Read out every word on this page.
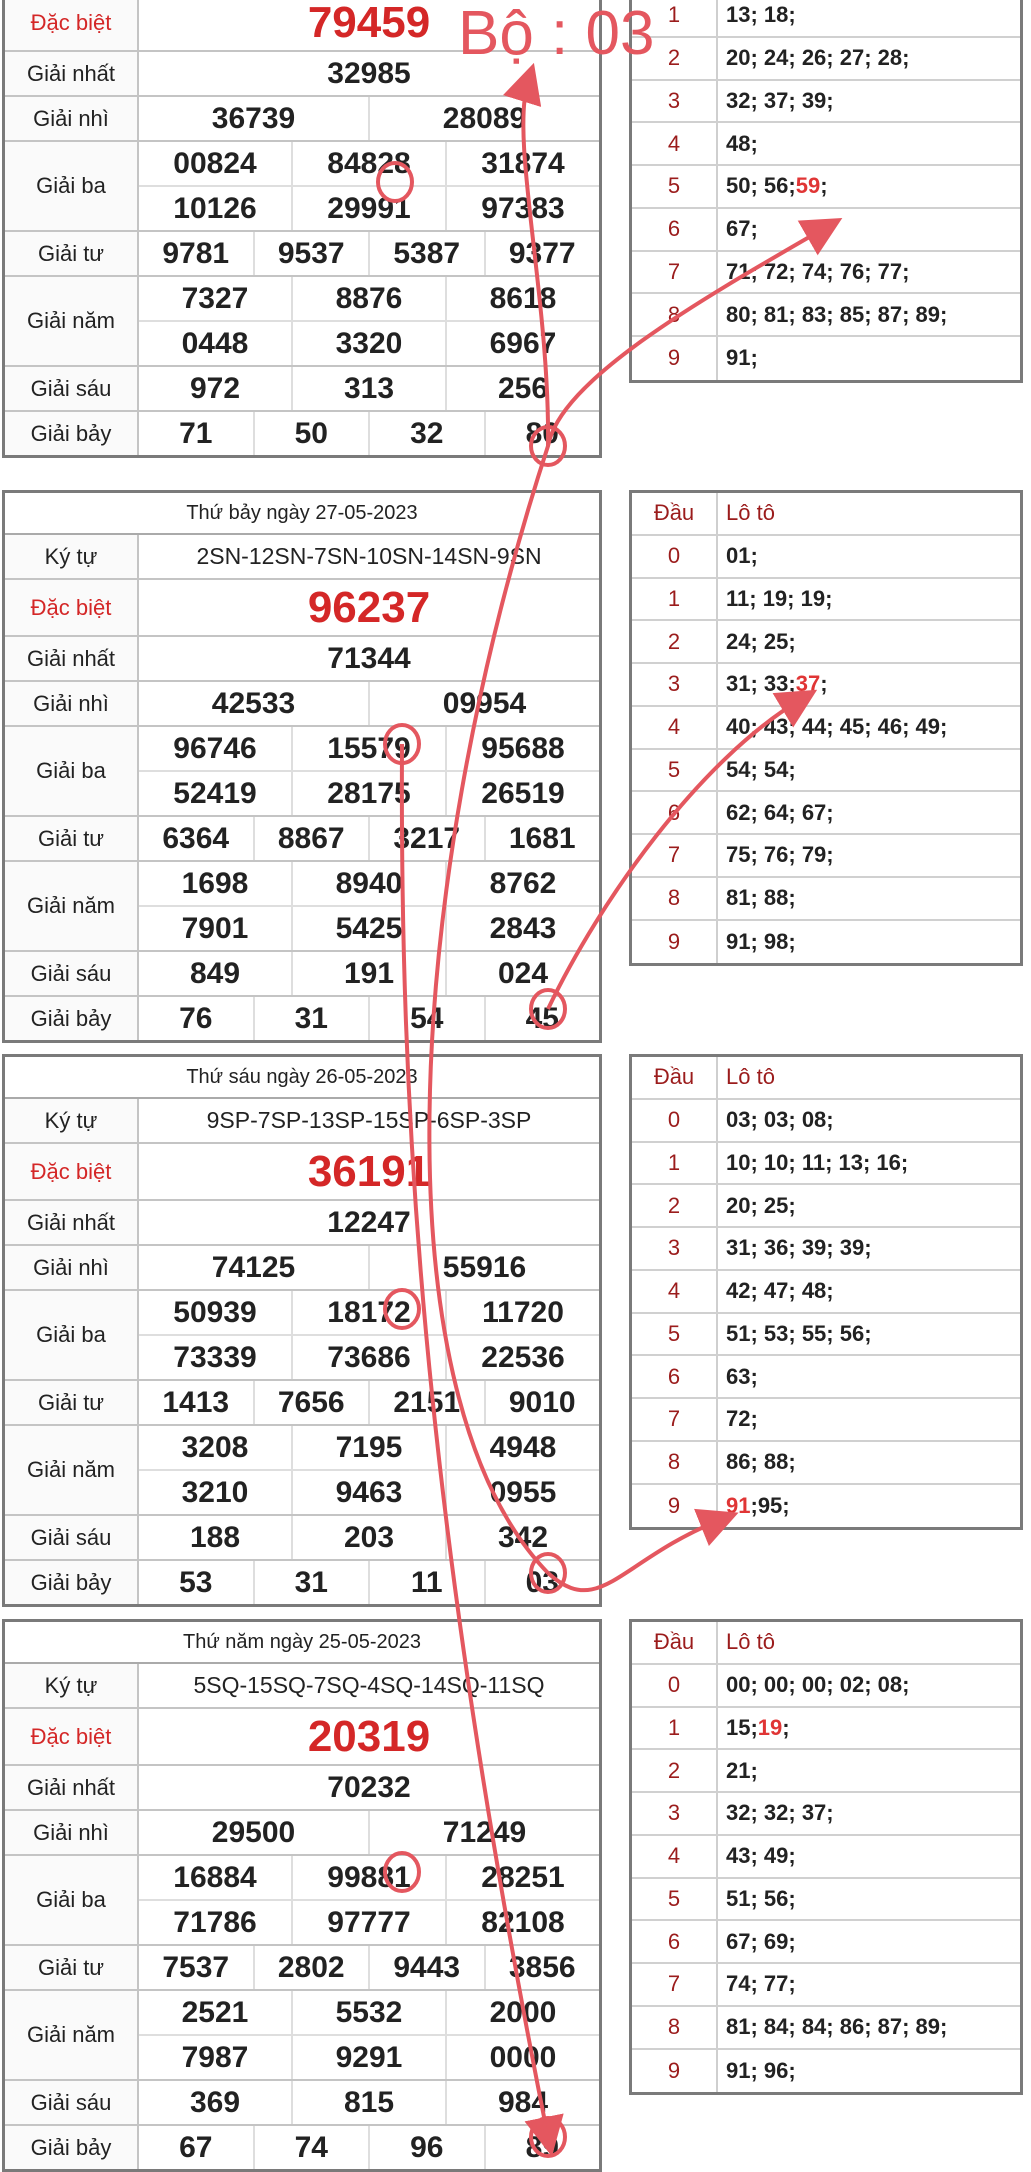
Đặc biệt	79459
Giải nhất	32985
Giải nhì	36739	28089
Giải ba
00824	84828	31874
10126	29991	97383
Giải tư	9781	9537	5387	9377
Giải năm
7327	8876	8618
0448	3320	6967
Giải sáu	972	313	256
Giải bảy	71	50	32	80
1	13; 18;
2	20; 24; 26; 27; 28;
3	32; 37; 39;
4	48;
5	50; 56; 59 ;
6	67;
7	71; 72; 74; 76; 77;
8	80; 81; 83; 85; 87; 89;
9	91;
Thứ bảy ngày 27-05-2023
Ký tự	2SN-12SN-7SN-10SN-14SN-9SN
Đặc biệt	96237
Giải nhất	71344
Giải nhì	42533	09954
Giải ba
96746	15579	95688
52419	28175	26519
Giải tư	6364	8867	3217	1681
Giải năm
1698	8940	8762
7901	5425	2843
Giải sáu	849	191	024
Giải bảy	76	31	54	45
Đầu	Lô tô
0	01;
1	11; 19; 19;
2	24; 25;
3	31; 33; 37 ;
4	40; 43; 44; 45; 46; 49;
5	54; 54;
6	62; 64; 67;
7	75; 76; 79;
8	81; 88;
9	91; 98;
Thứ sáu ngày 26-05-2023
Ký tự	9SP-7SP-13SP-15SP-6SP-3SP
Đặc biệt	36191
Giải nhất	12247
Giải nhì	74125	55916
Giải ba
50939	18172	11720
73339	73686	22536
Giải tư	1413	7656	2151	9010
Giải năm
3208	7195	4948
3210	9463	0955
Giải sáu	188	203	342
Giải bảy	53	31	11	03
Đầu	Lô tô
0	03; 03; 08;
1	10; 10; 11; 13; 16;
2	20; 25;
3	31; 36; 39; 39;
4	42; 47; 48;
5	51; 53; 55; 56;
6	63;
7	72;
8	86; 88;
9	91 ; 95;
Thứ năm ngày 25-05-2023
Ký tự	5SQ-15SQ-7SQ-4SQ-14SQ-11SQ
Đặc biệt	20319
Giải nhất	70232
Giải nhì	29500	71249
Giải ba
16884	99881	28251
71786	97777	82108
Giải tư	7537	2802	9443	3856
Giải năm
2521	5532	2000
7987	9291	0000
Giải sáu	369	815	984
Giải bảy	67	74	96	89
Đầu	Lô tô
0	00; 00; 00; 02; 08;
1	15; 19 ;
2	21;
3	32; 32; 37;
4	43; 49;
5	51; 56;
6	67; 69;
7	74; 77;
8	81; 84; 84; 86; 87; 89;
9	91; 96;
Bộ : 03
